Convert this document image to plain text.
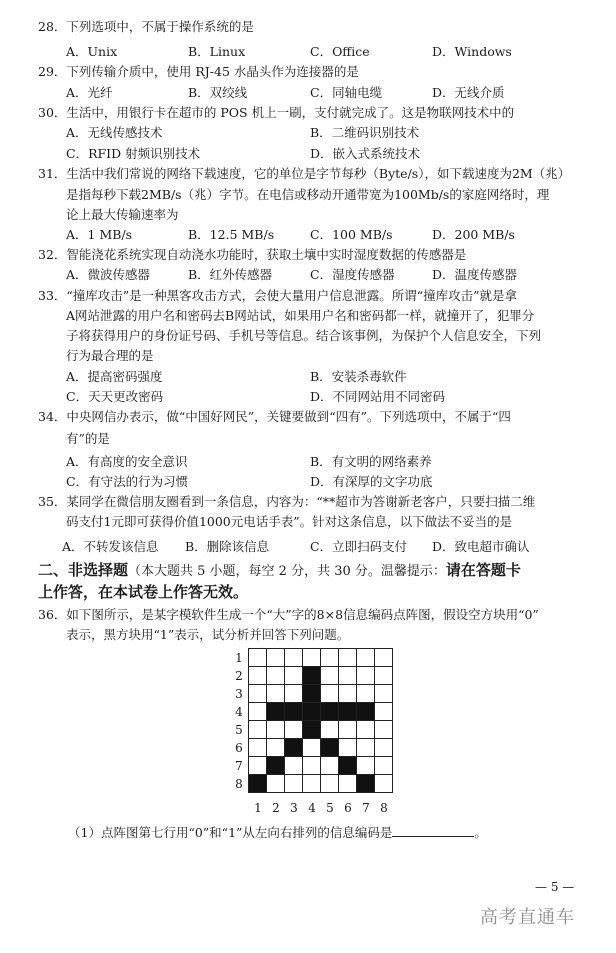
28．下列选项中，不属于操作系统的是
A．Unix	B．Linux	C．Office	D．Windows
29．下列传输介质中，使用 RJ-45 水晶头作为连接器的是
A．光纤	B．双绞线	C．同轴电缆	D．无线介质
30．生活中，用银行卡在超市的 POS 机上一刷，支付就完成了。这是物联网技术中的
A．无线传感技术	B．二维码识别技术
C．RFID 射频识别技术	D．嵌入式系统技术
31．生活中我们常说的网络下载速度，它的单位是字节每秒（Byte/s），如下载速度为2M（兆）
是指每秒下载2MB/s（兆）字节。在电信或移动开通带宽为100Mb/s的家庭网络时，理
论上最大传输速率为
A．1 MB/s	B．12.5 MB/s	C．100 MB/s	D．200 MB/s
32．智能浇花系统实现自动浇水功能时，获取土壤中实时湿度数据的传感器是
A．微波传感器	B．红外传感器	C．湿度传感器	D．温度传感器
33．“撞库攻击”是一种黑客攻击方式，会使大量用户信息泄露。所谓“撞库攻击”就是拿
A网站泄露的用户名和密码去B网站试，如果用户名和密码都一样，就撞开了，犯罪分
子将获得用户的身份证号码、手机号等信息。结合该事例，为保护个人信息安全，下列
行为最合理的是
A．提高密码强度	B．安装杀毒软件
C．天天更改密码	D．不同网站用不同密码
34．中央网信办表示，做“中国好网民”，关键要做到“四有”。下列选项中，不属于“四
有”的是
A．有高度的安全意识	B．有文明的网络素养
C．有守法的行为习惯	D．有深厚的文字功底
35．某同学在微信朋友圈看到一条信息，内容为：“**超市为答谢新老客户，只要扫描二维
码支付1元即可获得价值1000元电话手表”。针对这条信息，以下做法不妥当的是
A．不转发该信息 B．删除该信息	C．立即扫码支付 D．致电超市确认
二、非选择题（本大题共 5 小题，每空 2 分，共 30 分。温馨提示：请在答题卡
上作答，在本试卷上作答无效。
36．如下图所示，是某字模软件生成一个“大”字的8×8信息编码点阵图，假设空方块用“0”
表示，黑方块用“1”表示，试分析并回答下列问题。
1
2
3
4
5
6
7
8
1 2 3 4 5 6 7 8
（1）点阵图第七行用“0”和“1”从左向右排列的信息编码是	。
— 5 —
高考直通车
